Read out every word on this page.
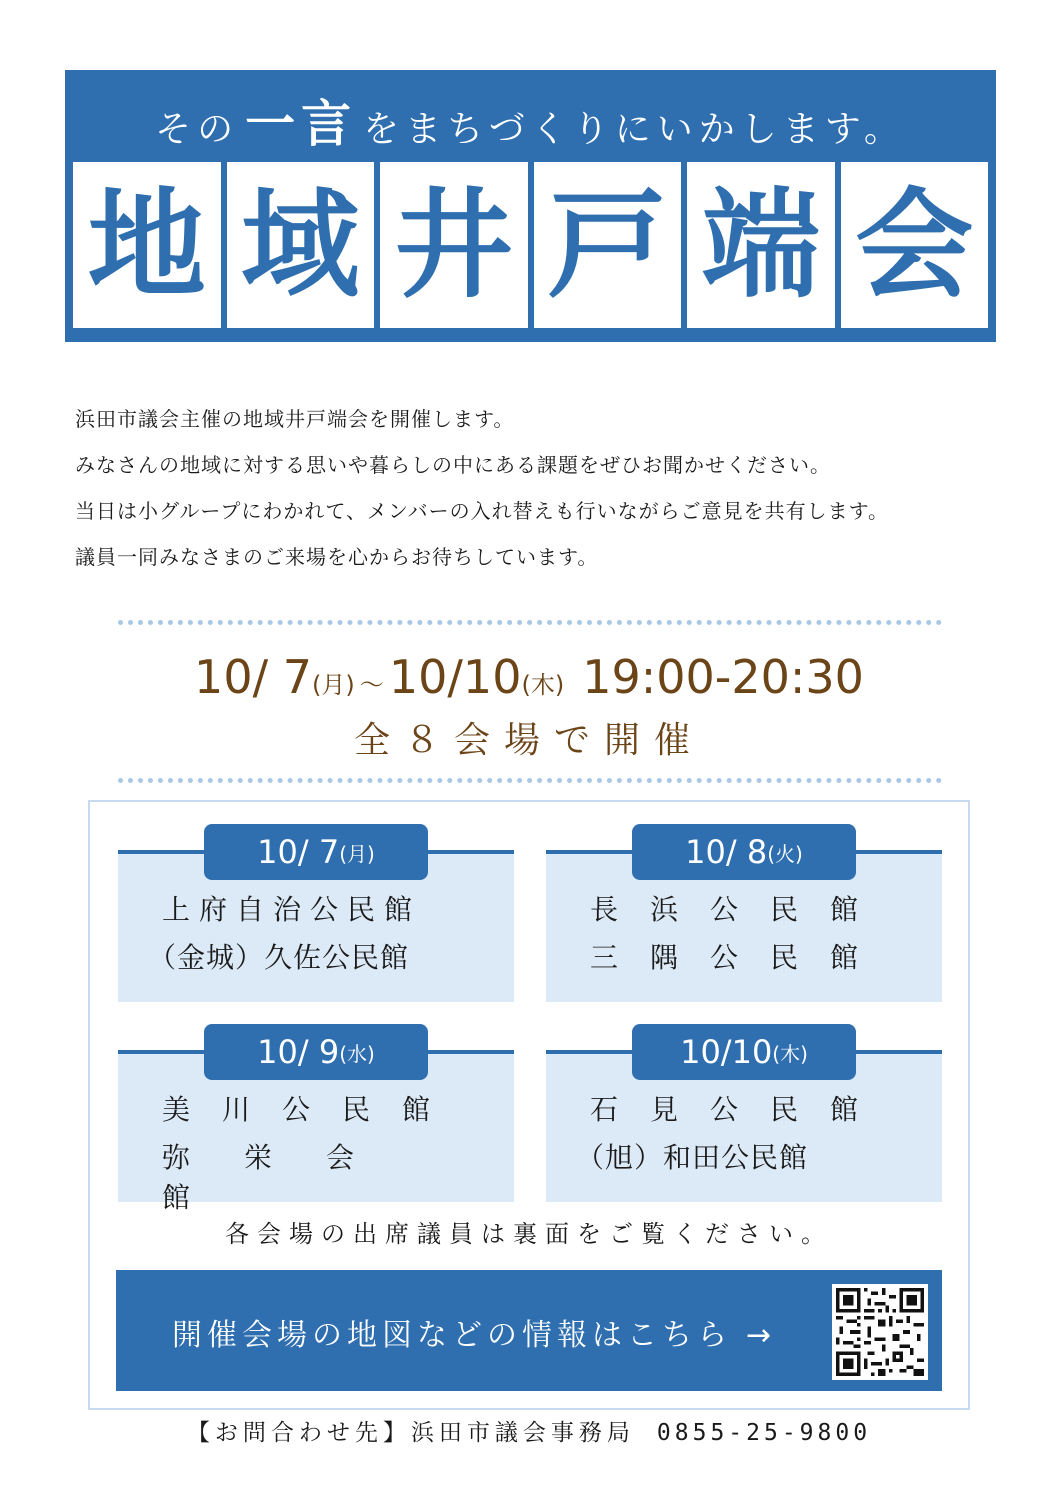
その 一言 をまちづくりにいかします。
地 域 井 戸 端 会

浜田市議会主催の地域井戸端会を開催します。

みなさんの地域に対する思いや暮らしの中にある課題をぜひお聞かせください。

当日は小グループにわかれて、メンバーの入れ替えも行いながらご意見を共有します。

議員一同みなさまのご来場を心からお待ちしています。

10/ 7(月) ～ 10/10(木) 19:00-20:30
全８会場で開催
10/ 7 (月)
上府自治公民館
（金城）久佐公民館
10/ 8 (火)
長浜公民館
三隅公民館
10/ 9 (水)
美川公民館
弥栄会館
10/10 (木)
石見公民館
（旭）和田公民館
各会場の出席議員は裏面をご覧ください。
開催会場の地図などの情報はこちら →
【お問合わせ先】浜田市議会事務局 0855-25-9800
